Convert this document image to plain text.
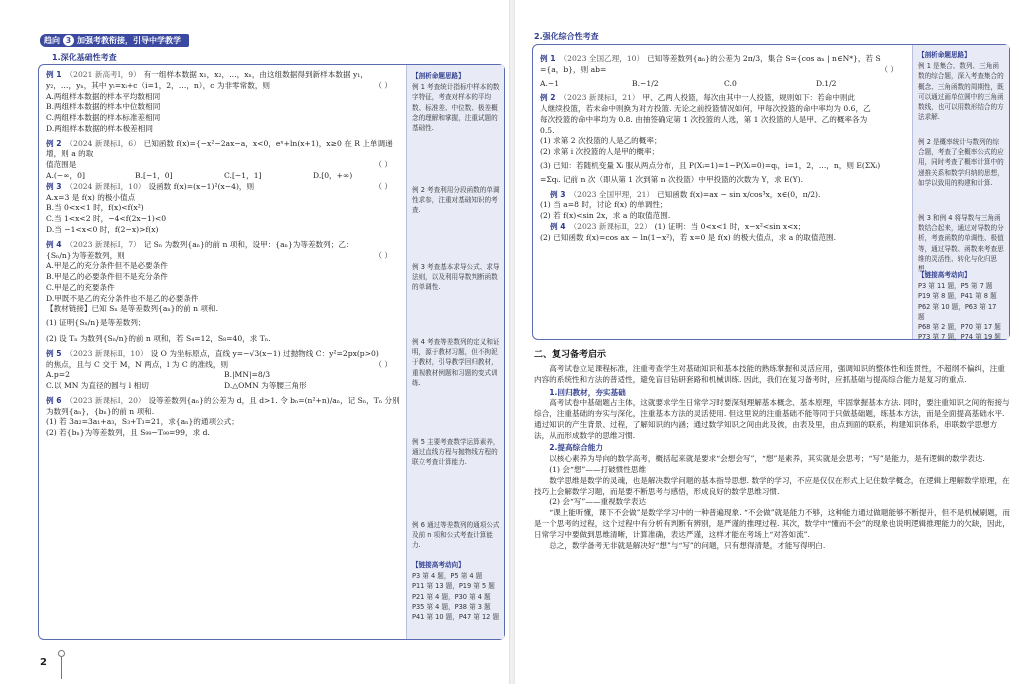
趋向 3 加强考教衔接，引导中学教学
1.深化基础性考查
【剖析命题思路】
例 1 考查统计指标中样本的数字特征，考查对样本的平均数、标准差、中位数、极差概念的理解和掌握，注重试题的基础性.
例 2 考查利用分段函数的单调性求参，注重对基础知识的考查.
例 3 考查基本求导公式、求导法则，以及利用导数判断函数的单调性.
例 4 考查等差数列的定义和证明，源于教材习题，但不拘泥于教材，引导教学回归教材，重视教材例题和习题的变式训练.
例 5 主要考查数学运算素养，通过直线方程与抛物线方程的联立考查计算能力.
例 6 通过等差数列的通项公式及前 n 项和公式考查计算能力.
【链接高考动向】
P3 第 4 题，P5 第 4 题
P11 第 13 题，P19 第 5 题
P21 第 4 题，P30 第 4 题
P35 第 4 题，P38 第 3 题
P41 第 10 题，P47 第 12 题

例 1 （2021 新高考Ⅰ，9） 有一组样本数据 x₁，x₂，…，xₙ，由这组数据得到新样本数据 y₁，

y₂，…，yₙ，其中 yᵢ=xᵢ+c（i=1，2，…，n），c 为非零常数，则	（ ）

A.两组样本数据的样本平均数相同

B.两组样本数据的样本中位数相同

C.两组样本数据的样本标准差相同

D.两组样本数据的样本极差相同

例 2 （2024 新课标Ⅰ，6） 已知函数 f(x)={−x²−2ax−a，x<0，eˣ+ln(x+1)，x≥0 在 R 上单调递增，则 a 的取

值范围是	（ ）

A.(−∞，0]	B.[−1，0]	C.[−1，1]	D.[0，+∞)

例 3 （2024 新课标Ⅰ，10） 设函数 f(x)=(x−1)²(x−4)，则	（ ）

A.x=3 是 f(x) 的极小值点

B.当 0<x<1 时，f(x)<f(x²)

C.当 1<x<2 时，−4<f(2x−1)<0

D.当 −1<x<0 时，f(2−x)>f(x)

例 4 （2023 新课标Ⅰ，7） 记 Sₙ 为数列{aₙ}的前 n 项和，设甲：{aₙ}为等差数列；乙：

{Sₙ/n}为等差数列，则	（ ）

A.甲是乙的充分条件但不是必要条件

B.甲是乙的必要条件但不是充分条件

C.甲是乙的充要条件

D.甲既不是乙的充分条件也不是乙的必要条件

【教材链接】已知 Sₙ 是等差数列{aₙ}的前 n 项和.

(1) 证明{Sₙ/n}是等差数列；

(2) 设 Tₙ 为数列{Sₙ/n}的前 n 项和，若 S₄=12，S₈=40，求 Tₙ.

例 5 （2023 新课标Ⅱ，10） 设 O 为坐标原点，直线 y=−√3(x−1) 过抛物线 C：y²=2px(p>0)

的焦点，且与 C 交于 M，N 两点，l 为 C 的准线，则	（ ）

A.p=2	B.|MN|=8/3
C.以 MN 为直径的圆与 l 相切	D.△OMN 为等腰三角形

例 6 （2023 新课标Ⅰ，20） 设等差数列{aₙ}的公差为 d，且 d>1. 令 bₙ=(n²+n)/aₙ，记 Sₙ，Tₙ 分别

为数列{aₙ}，{bₙ}的前 n 项和.

(1) 若 3a₂=3a₁+a₃，S₃+T₃=21，求{aₙ}的通项公式；

(2) 若{bₙ}为等差数列，且 S₉₉−T₉₉=99，求 d.

2
2.强化综合性考查
【剖析命题思路】
例 1 是集合、数列、三角函数的综合题，深入考查集合的概念、三角函数的周期性，既可以通过画单位圆中的三角函数线，也可以用数形结合的方法求解.
例 2 是概率统计与数列的综合题，考查了全概率公式的应用，同时考查了概率计算中的递推关系和数学归纳的思想，如学以致用的构建和计算.
例 3 和例 4 将导数与三角函数结合起来，通过对导数的分析，考查函数的单调性、极值等，通过导数、函数来考查思维的灵活性、转化与化归思想.
【链接高考动向】
P3 第 11 题，P5 第 7 题
P19 第 8 题，P41 第 8 题
P62 第 10 题，P63 第 17 题
P68 第 2 题，P70 第 17 题
P73 第 7 题，P74 第 19 题

例 1 （2023 全国乙理，10） 已知等差数列{aₙ}的公差为 2π/3，集合 S={cos aₙ | n∈N*}，若 S

={a，b}，则 ab=	（ ）

A.−1	B.−1/2	C.0	D.1/2

例 2 （2023 新课标Ⅰ，21） 甲、乙两人投篮，每次由其中一人投篮，规则如下：若命中则此

人继续投篮，若未命中则换为对方投篮. 无论之前投篮情况如何，甲每次投篮的命中率均为 0.6，乙

每次投篮的命中率均为 0.8. 由抽签确定第 1 次投篮的人选，第 1 次投篮的人是甲、乙的概率各为

0.5.

(1) 求第 2 次投篮的人是乙的概率；

(2) 求第 i 次投篮的人是甲的概率；

(3) 已知：若随机变量 Xᵢ 服从两点分布，且 P(Xᵢ=1)=1−P(Xᵢ=0)=qᵢ，i=1，2，…，n，则 E(ΣXᵢ)

=Σqᵢ. 记前 n 次（即从第 1 次到第 n 次投篮）中甲投篮的次数为 Y，求 E(Y).

例 3 （2023 全国甲理，21） 已知函数 f(x)=ax − sin x/cos³x，x∈(0，π/2).

(1) 当 a=8 时，讨论 f(x) 的单调性；

(2) 若 f(x)<sin 2x，求 a 的取值范围.

例 4 （2023 新课标Ⅱ，22） (1) 证明：当 0<x<1 时，x−x²<sin x<x；

(2) 已知函数 f(x)=cos ax − ln(1−x²)，若 x=0 是 f(x) 的极大值点，求 a 的取值范围.

二、复习备考启示

高考试卷立足课程标准，注重考查学生对基础知识和基本技能的熟练掌握和灵活应用，强调知识的整体性和连贯性，不超纲不偏纠，注重内容的系统性和方法的普适性，避免盲目钻研套路和机械训练. 因此，我们在复习备考时，应抓基础与提高综合能力是复习的重点.

1.回归教材，夯实基础

高考试卷中基础题占主体，这就要求学生日常学习时要深刻理解基本概念、基本原理，牢固掌握基本方法. 同时，要注重知识之间的衔接与综合，注重基础的夯实与深化，注重基本方法的灵活使用. 但这里说的注重基础不能等同于只做基础题，练基本方法，而是全面提高基础水平. 通过知识的产生背景、过程，了解知识的内涵；通过数学知识之间由此及彼，由表及里，由点到面的联系，构建知识体系，串联数学思想方法，从而形成数学的思维习惯.

2.提高综合能力

以核心素养为导向的数学高考，概括起来就是要求“会想会写”，“想”是素养，其实就是会思考；“写”是能力，是有逻辑的数学表达.

(1) 会“想”——打破惯性思维

数学思维是数学的灵魂，也是解决数学问题的基本指导思想. 数学的学习，不应是仅仅在形式上记住数学概念，在逻辑上理解数学原理，在技巧上会解数学习题，而是要不断思考与感悟，形成良好的数学思维习惯.

(2) 会“写”——重视数学表达

“课上能听懂，课下不会做”是数学学习中的一种普遍现象. “不会做”就是能力不够，这种能力通过做题能够不断提升，但不是机械刷题，而是一个思考的过程，这个过程中有分析有判断有辨别，是严谨的推理过程. 其次，数学中“懂而不会”的现象也说明逻辑推理能力的欠缺，因此，日常学习中要做到思维清晰，计算准确，表达严谨，这样才能在考场上“对答如流”.

总之，数学备考无非就是解决好“想”与“写”的问题，只有想得清楚，才能写得明白.
